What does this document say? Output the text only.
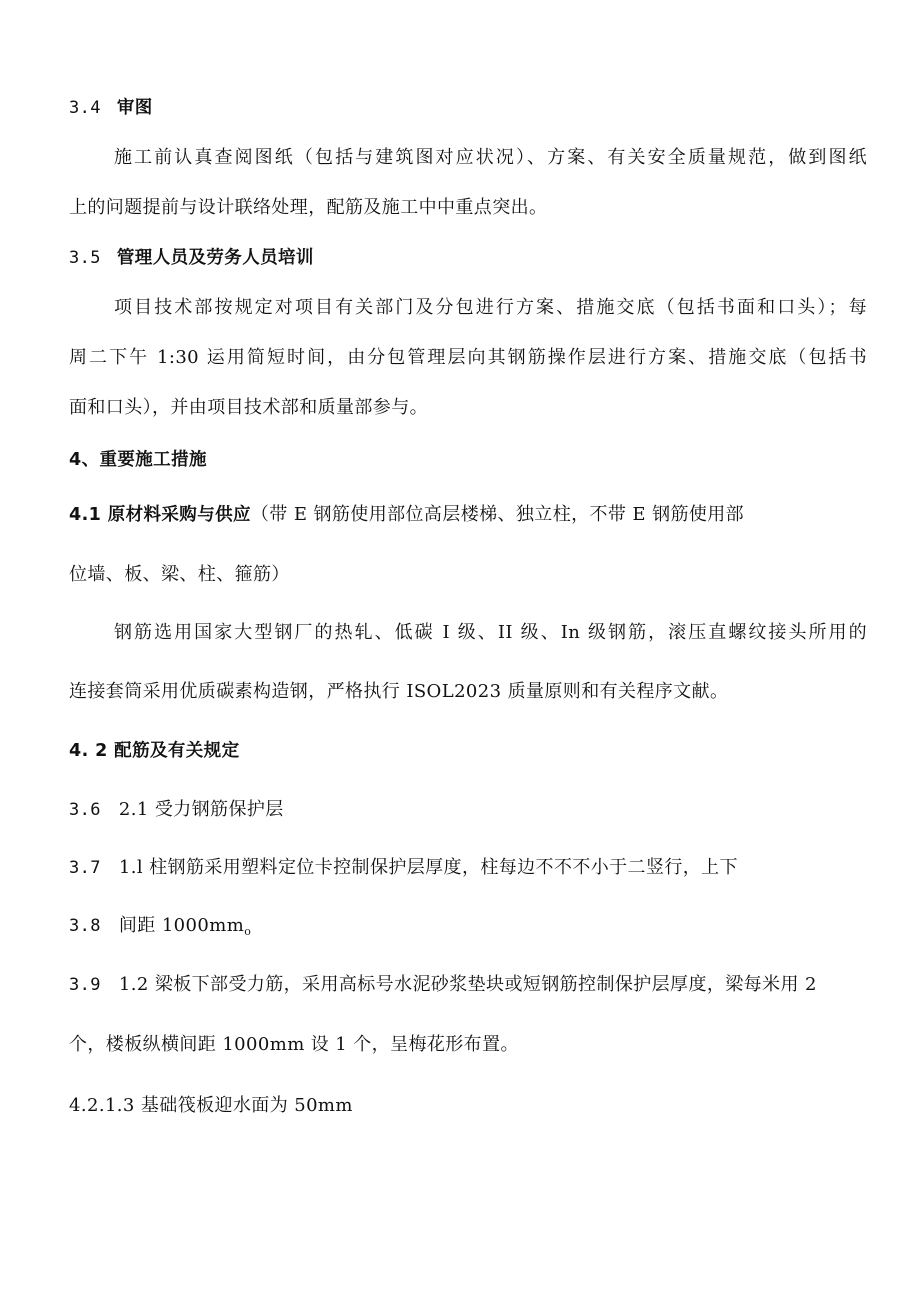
3.4 审图
施工前认真查阅图纸（包括与建筑图对应状况）、方案、有关安全质量规范，做到图纸
上的问题提前与设计联络处理，配筋及施工中中重点突出。
3.5 管理人员及劳务人员培训
项目技术部按规定对项目有关部门及分包进行方案、措施交底（包括书面和口头）；每
周二下午 1:30 运用简短时间，由分包管理层向其钢筋操作层进行方案、措施交底（包括书
面和口头），并由项目技术部和质量部参与。
4、重要施工措施
4.1 原材料采购与供应（带 E 钢筋使用部位高层楼梯、独立柱，不带 E 钢筋使用部
位墙、板、梁、柱、箍筋）
钢筋选用国家大型钢厂的热轧、低碳 I 级、II 级、In 级钢筋，滚压直螺纹接头所用的
连接套筒采用优质碳素构造钢，严格执行 ISOL2023 质量原则和有关程序文献。
4. 2 配筋及有关规定
3.6 2.1 受力钢筋保护层
3.7 1.l 柱钢筋采用塑料定位卡控制保护层厚度，柱每边不不不小于二竖行，上下
3.8 间距 $1000mm_o$
3.9 1.2 梁板下部受力筋，采用高标号水泥砂浆垫块或短钢筋控制保护层厚度，梁每米用 2
个，楼板纵横间距 1000mm 设 1 个，呈梅花形布置。
4.2.1.3 基础筏板迎水面为 50mm
